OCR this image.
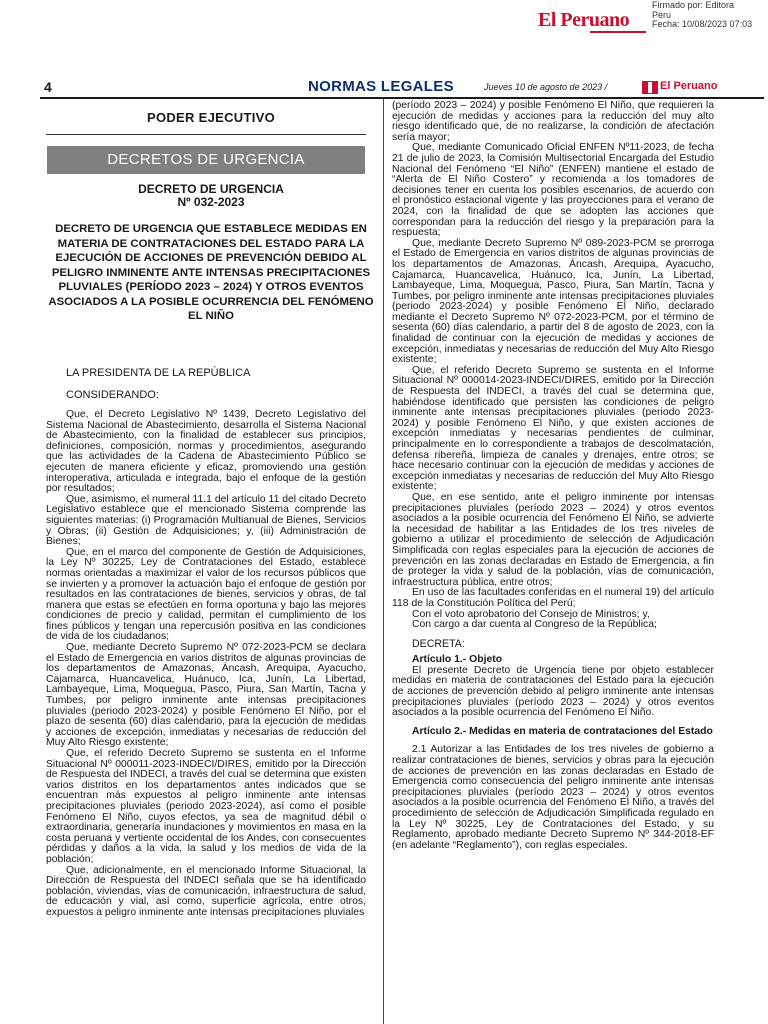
El Peruano
Firmado por: Editora
Peru
Fecha: 10/08/2023 07:03
4	NORMAS LEGALES	Jueves 10 de agosto de 2023 /	El Peruano
PODER EJECUTIVO
DECRETOS DE URGENCIA
DECRETO DE URGENCIA
Nº 032-2023
DECRETO DE URGENCIA QUE ESTABLECE MEDIDAS EN MATERIA DE CONTRATACIONES DEL ESTADO PARA LA EJECUCIÓN DE ACCIONES DE PREVENCIÓN DEBIDO AL PELIGRO INMINENTE ANTE INTENSAS PRECIPITACIONES PLUVIALES (PERÍODO 2023 – 2024) Y OTROS EVENTOS ASOCIADOS A LA POSIBLE OCURRENCIA DEL FENÓMENO EL NIÑO
LA PRESIDENTA DE LA REPÚBLICA
CONSIDERANDO:

Que, el Decreto Legislativo Nº 1439, Decreto Legislativo del Sistema Nacional de Abastecimiento, desarrolla el Sistema Nacional de Abastecimiento, con la finalidad de establecer sus principios, definiciones, composición, normas y procedimientos, asegurando que las actividades de la Cadena de Abastecimiento Público se ejecuten de manera eficiente y eficaz, promoviendo una gestión interoperativa, articulada e integrada, bajo el enfoque de la gestión por resultados;

Que, asimismo, el numeral 11.1 del artículo 11 del citado Decreto Legislativo establece que el mencionado Sistema comprende las siguientes materias: (i) Programación Multianual de Bienes, Servicios y Obras; (ii) Gestión de Adquisiciones; y, (iii) Administración de Bienes;

Que, en el marco del componente de Gestión de Adquisiciones, la Ley Nº 30225, Ley de Contrataciones del Estado, establece normas orientadas a maximizar el valor de los recursos públicos que se invierten y a promover la actuación bajo el enfoque de gestión por resultados en las contrataciones de bienes, servicios y obras, de tal manera que estas se efectúen en forma oportuna y bajo las mejores condiciones de precio y calidad, permitan el cumplimiento de los fines públicos y tengan una repercusión positiva en las condiciones de vida de los ciudadanos;

Que, mediante Decreto Supremo Nº 072-2023-PCM se declara el Estado de Emergencia en varios distritos de algunas provincias de los departamentos de Amazonas, Áncash, Arequipa, Ayacucho, Cajamarca, Huancavelica, Huánuco, Ica, Junín, La Libertad, Lambayeque, Lima, Moquegua, Pasco, Piura, San Martín, Tacna y Tumbes, por peligro inminente ante intensas precipitaciones pluviales (periodo 2023-2024) y posible Fenómeno El Niño, por el plazo de sesenta (60) días calendario, para la ejecución de medidas y acciones de excepción, inmediatas y necesarias de reducción del Muy Alto Riesgo existente;

Que, el referido Decreto Supremo se sustenta en el Informe Situacional Nº 000011-2023-INDECI/DIRES, emitido por la Dirección de Respuesta del INDECI, a través del cual se determina que existen varios distritos en los departamentos antes indicados que se encuentran más expuestos al peligro inminente ante intensas precipitaciones pluviales (periodo 2023-2024), así como el posible Fenómeno El Niño, cuyos efectos, ya sea de magnitud débil o extraordinaria, generaría inundaciones y movimientos en masa en la costa peruana y vertiente occidental de los Andes, con consecuentes pérdidas y daños a la vida, la salud y los medios de vida de la población;

Que, adicionalmente, en el mencionado Informe Situacional, la Dirección de Respuesta del INDECI señala que se ha identificado población, viviendas, vías de comunicación, infraestructura de salud, de educación y vial, así como, superficie agrícola, entre otros, expuestos a peligro inminente ante intensas precipitaciones pluviales

(período 2023 – 2024) y posible Fenómeno El Niño, que requieren la ejecución de medidas y acciones para la reducción del muy alto riesgo identificado que, de no realizarse, la condición de afectación sería mayor;

Que, mediante Comunicado Oficial ENFEN Nº11-2023, de fecha 21 de julio de 2023, la Comisión Multisectorial Encargada del Estudio Nacional del Fenómeno “El Niño” (ENFEN) mantiene el estado de “Alerta de El Niño Costero” y recomienda a los tomadores de decisiones tener en cuenta los posibles escenarios, de acuerdo con el pronóstico estacional vigente y las proyecciones para el verano de 2024, con la finalidad de que se adopten las acciones que correspondan para la reducción del riesgo y la preparación para la respuesta;

Que, mediante Decreto Supremo Nº 089-2023-PCM se prorroga el Estado de Emergencia en varios distritos de algunas provincias de los departamentos de Amazonas, Áncash, Arequipa, Ayacucho, Cajamarca, Huancavelica, Huánuco, Ica, Junín, La Libertad, Lambayeque, Lima, Moquegua, Pasco, Piura, San Martín, Tacna y Tumbes, por peligro inminente ante intensas precipitaciones pluviales (periodo 2023-2024) y posible Fenómeno El Niño, declarado mediante el Decreto Supremo Nº 072-2023-PCM, por el término de sesenta (60) días calendario, a partir del 8 de agosto de 2023, con la finalidad de continuar con la ejecución de medidas y acciones de excepción, inmediatas y necesarias de reducción del Muy Alto Riesgo existente;

Que, el referido Decreto Supremo se sustenta en el Informe Situacional Nº 000014-2023-INDECI/DIRES, emitido por la Dirección de Respuesta del INDECI, a través del cual se determina que, habiéndose identificado que persisten las condiciones de peligro inminente ante intensas precipitaciones pluviales (periodo 2023-2024) y posible Fenómeno El Niño, y que existen acciones de excepción inmediatas y necesarias pendientes de culminar, principalmente en lo correspondiente a trabajos de descolmatación, defensa ribereña, limpieza de canales y drenajes, entre otros; se hace necesario continuar con la ejecución de medidas y acciones de excepción inmediatas y necesarias de reducción del Muy Alto Riesgo existente;

Que, en ese sentido, ante el peligro inminente por intensas precipitaciones pluviales (período 2023 – 2024) y otros eventos asociados a la posible ocurrencia del Fenómeno El Niño, se advierte la necesidad de habilitar a las Entidades de los tres niveles de gobierno a utilizar el procedimiento de selección de Adjudicación Simplificada con reglas especiales para la ejecución de acciones de prevención en las zonas declaradas en Estado de Emergencia, a fin de proteger la vida y salud de la población, vías de comunicación, infraestructura pública, entre otros;

En uso de las facultades conferidas en el numeral 19) del artículo 118 de la Constitución Política del Perú;

Con el voto aprobatorio del Consejo de Ministros; y,

Con cargo a dar cuenta al Congreso de la República;

DECRETA:

Artículo 1.- Objeto

El presente Decreto de Urgencia tiene por objeto establecer medidas en materia de contrataciones del Estado para la ejecución de acciones de prevención debido al peligro inminente ante intensas precipitaciones pluviales (período 2023 – 2024) y otros eventos asociados a la posible ocurrencia del Fenómeno El Niño.

Artículo 2.- Medidas en materia de contrataciones del Estado

2.1 Autorizar a las Entidades de los tres niveles de gobierno a realizar contrataciones de bienes, servicios y obras para la ejecución de acciones de prevención en las zonas declaradas en Estado de Emergencia como consecuencia del peligro inminente ante intensas precipitaciones pluviales (período 2023 – 2024) y otros eventos asociados a la posible ocurrencia del Fenómeno El Niño, a través del procedimiento de selección de Adjudicación Simplificada regulado en la Ley Nº 30225, Ley de Contrataciones del Estado, y su Reglamento, aprobado mediante Decreto Supremo Nº 344-2018-EF (en adelante “Reglamento”), con reglas especiales.
